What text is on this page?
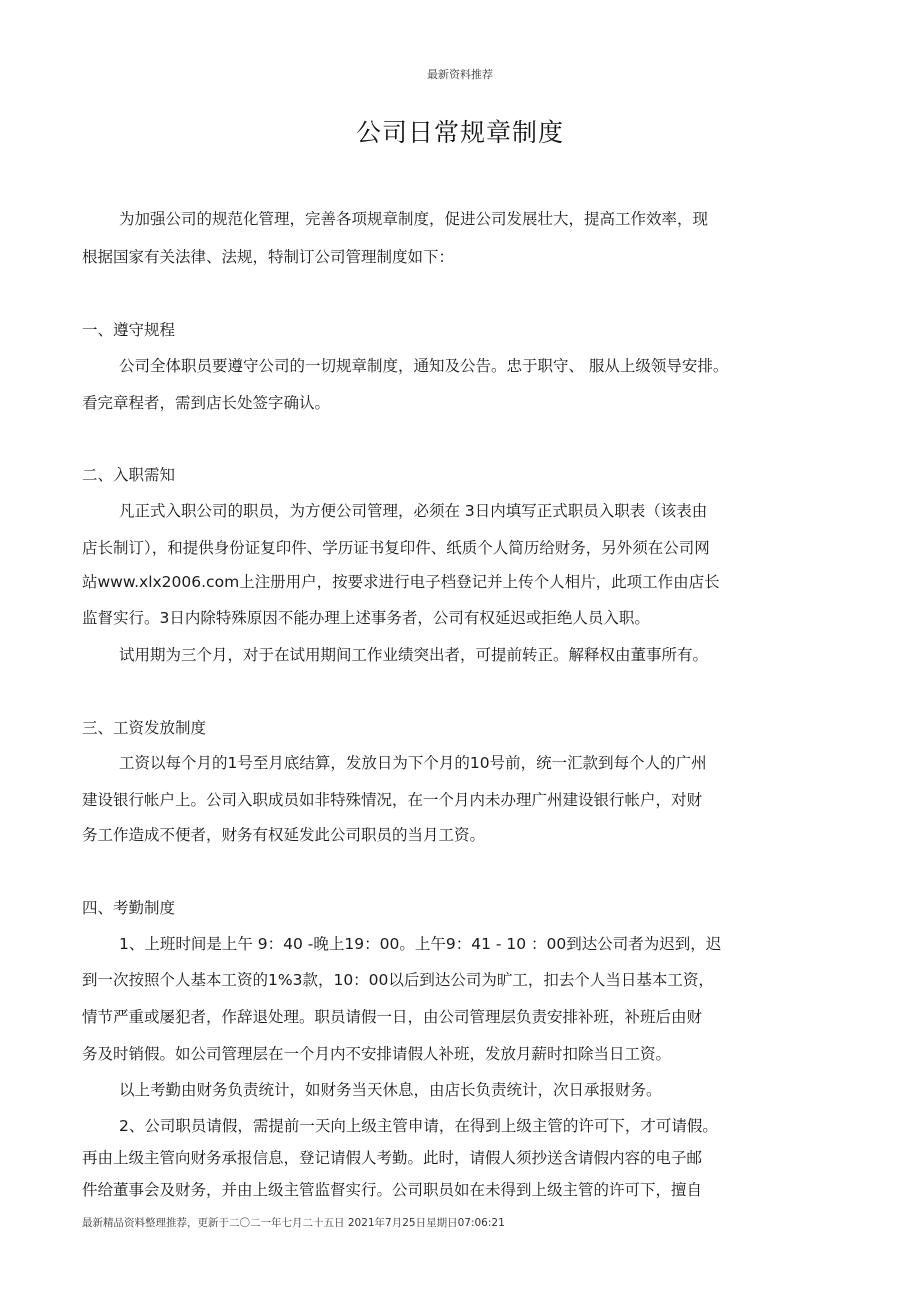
最新资料推荐
公司日常规章制度
为加强公司的规范化管理，完善各项规章制度，促进公司发展壮大，提高工作效率，现
根据国家有关法律、法规，特制订公司管理制度如下：
一、遵守规程
公司全体职员要遵守公司的一切规章制度，通知及公告。忠于职守、 服从上级领导安排。
看完章程者，需到店长处签字确认。
二、入职需知
凡正式入职公司的职员，为方便公司管理，必须在 3日内填写正式职员入职表（该表由
店长制订），和提供身份证复印件、学历证书复印件、纸质个人简历给财务，另外须在公司网
站www.xlx2006.com上注册用户，按要求进行电子档登记并上传个人相片，此项工作由店长
监督实行。3日内除特殊原因不能办理上述事务者，公司有权延迟或拒绝人员入职。
试用期为三个月，对于在试用期间工作业绩突出者，可提前转正。解释权由董事所有。
三、工资发放制度
工资以每个月的1号至月底结算，发放日为下个月的10号前，统一汇款到每个人的广州
建设银行帐户上。公司入职成员如非特殊情况，在一个月内未办理广州建设银行帐户，对财
务工作造成不便者，财务有权延发此公司职员的当月工资。
四、考勤制度
1、上班时间是上午 9：40 -晚上19：00。上午9：41 - 10 ：00到达公司者为迟到，迟
到一次按照个人基本工资的1%3款，10：00以后到达公司为旷工，扣去个人当日基本工资，
情节严重或屡犯者，作辞退处理。职员请假一日，由公司管理层负责安排补班，补班后由财
务及时销假。如公司管理层在一个月内不安排请假人补班，发放月薪时扣除当日工资。
以上考勤由财务负责统计，如财务当天休息，由店长负责统计，次日承报财务。
2、公司职员请假，需提前一天向上级主管申请，在得到上级主管的许可下，才可请假。
再由上级主管向财务承报信息，登记请假人考勤。此时，请假人须抄送含请假内容的电子邮
件给董事会及财务，并由上级主管监督实行。公司职员如在未得到上级主管的许可下，擅自
最新精品资料整理推荐，更新于二〇二一年七月二十五日 2021年7月25日星期日07:06:21
